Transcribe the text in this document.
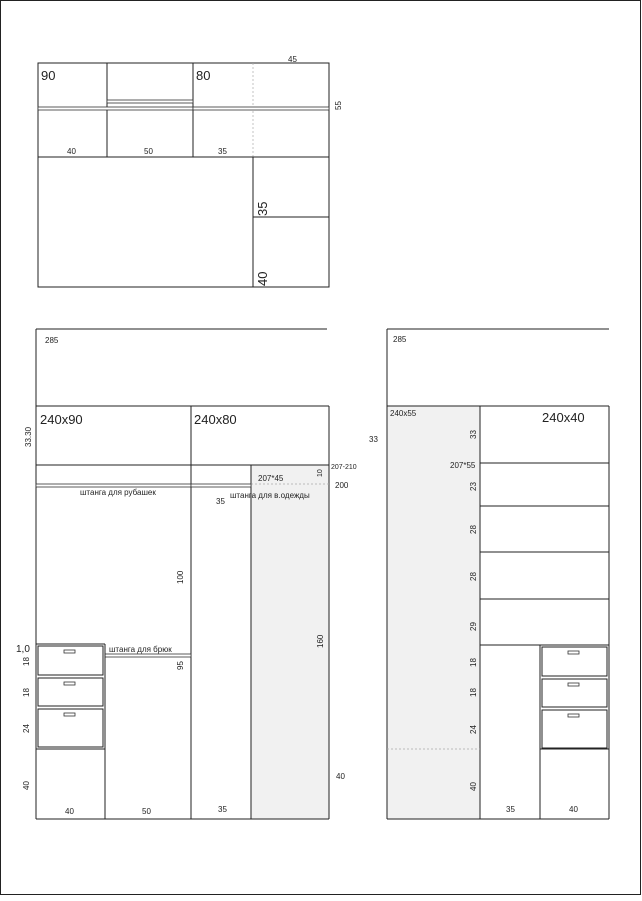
45
55
90	80
40	50	35
35
40
285
240x90	240x80
33.30
207*45
207-210
10
200
штанга для рубашек	штанга для в.одежды
35
100
160
95
штанга для брюк
1,0
18
18
24
40
40	50	35
40
285
33
240x55	240x40
33
207*55
23
28
28
29
18
18
24
40
35	40
